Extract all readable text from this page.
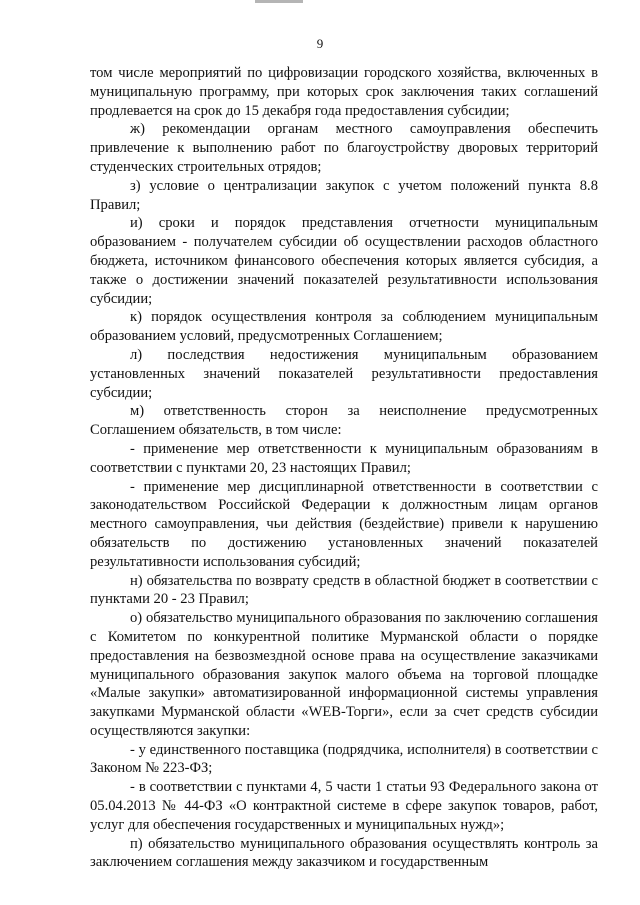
9

том числе мероприятий по цифровизации городского хозяйства, включенных в муниципальную программу, при которых срок заключения таких соглашений продлевается на срок до 15 декабря года предоставления субсидии;

ж) рекомендации органам местного самоуправления обеспечить привлечение к выполнению работ по благоустройству дворовых территорий студенческих строительных отрядов;

з) условие о централизации закупок с учетом положений пункта 8.8 Правил;

и) сроки и порядок представления отчетности муниципальным образованием - получателем субсидии об осуществлении расходов областного бюджета, источником финансового обеспечения которых является субсидия, а также о достижении значений показателей результативности использования субсидии;

к) порядок осуществления контроля за соблюдением муниципальным образованием условий, предусмотренных Соглашением;

л) последствия недостижения муниципальным образованием установленных значений показателей результативности предоставления субсидии;

м) ответственность сторон за неисполнение предусмотренных Соглашением обязательств, в том числе:

- применение мер ответственности к муниципальным образованиям в соответствии с пунктами 20, 23 настоящих Правил;

- применение мер дисциплинарной ответственности в соответствии с законодательством Российской Федерации к должностным лицам органов местного самоуправления, чьи действия (бездействие) привели к нарушению обязательств по достижению установленных значений показателей результативности использования субсидий;

н) обязательства по возврату средств в областной бюджет в соответствии с пунктами 20 - 23 Правил;

о) обязательство муниципального образования по заключению соглашения с Комитетом по конкурентной политике Мурманской области о порядке предоставления на безвозмездной основе права на осуществление заказчиками муниципального образования закупок малого объема на торговой площадке «Малые закупки» автоматизированной информационной системы управления закупками Мурманской области «WEB-Торги», если за счет средств субсидии осуществляются закупки:

- у единственного поставщика (подрядчика, исполнителя) в соответствии с Законом № 223-ФЗ;

- в соответствии с пунктами 4, 5 части 1 статьи 93 Федерального закона от 05.04.2013 № 44-ФЗ «О контрактной системе в сфере закупок товаров, работ, услуг для обеспечения государственных и муниципальных нужд»;

п) обязательство муниципального образования осуществлять контроль за заключением соглашения между заказчиком и государственным
